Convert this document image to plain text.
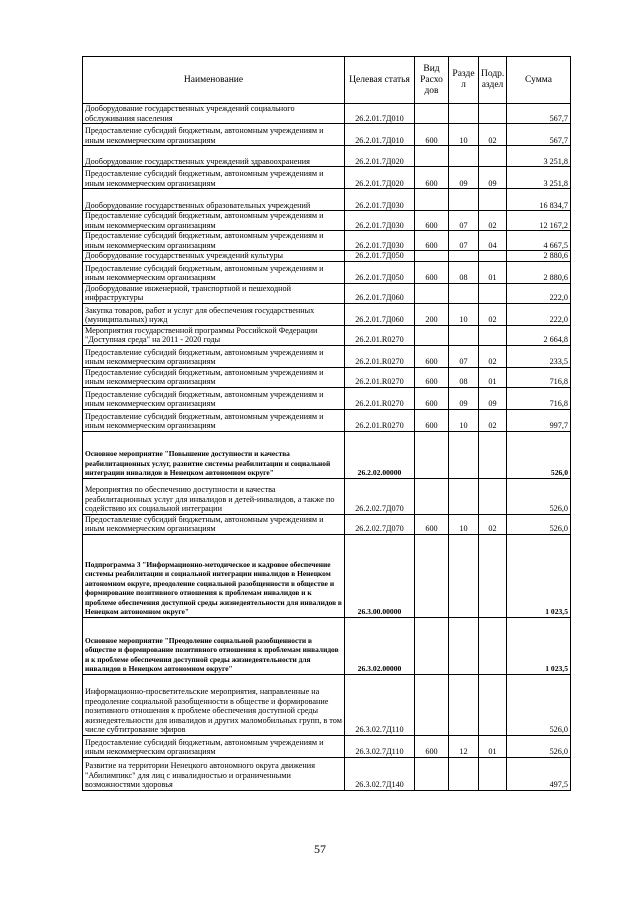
Наименование	Целевая статья	Вид Расхо дов	Разде л	Подр. аздел	Сумма
Дооборудование государственных учреждений социального обслуживания населения	26.2.01.7Д010				567,7
Предоставление субсидий бюджетным, автономным учреждениям и иным некоммерческим организациям	26.2.01.7Д010	600	10	02	567,7
Дооборудование государственных учреждений здравоохранения	26.2.01.7Д020				3 251,8
Предоставление субсидий бюджетным, автономным учреждениям и иным некоммерческим организациям	26.2.01.7Д020	600	09	09	3 251,8
Дооборудование государственных образовательных учреждений	26.2.01.7Д030				16 834,7
Предоставление субсидий бюджетным, автономным учреждениям и иным некоммерческим организациям	26.2.01.7Д030	600	07	02	12 167,2
Предоставление субсидий бюджетным, автономным учреждениям и иным некоммерческим организациям	26.2.01.7Д030	600	07	04	4 667,5
Дооборудование государственных учреждений культуры	26.2.01.7Д050				2 880,6
Предоставление субсидий бюджетным, автономным учреждениям и иным некоммерческим организациям	26.2.01.7Д050	600	08	01	2 880,6
Дооборудование инженерной, транспортной и пешеходной инфраструктуры	26.2.01.7Д060				222,0
Закупка товаров, работ и услуг для обеспечения государственных (муниципальных) нужд	26.2.01.7Д060	200	10	02	222,0
Мероприятия государственной программы Российской Федерации "Доступная среда" на 2011 - 2020 годы	26.2.01.R0270				2 664,8
Предоставление субсидий бюджетным, автономным учреждениям и иным некоммерческим организациям	26.2.01.R0270	600	07	02	233,5
Предоставление субсидий бюджетным, автономным учреждениям и иным некоммерческим организациям	26.2.01.R0270	600	08	01	716,8
Предоставление субсидий бюджетным, автономным учреждениям и иным некоммерческим организациям	26.2.01.R0270	600	09	09	716,8
Предоставление субсидий бюджетным, автономным учреждениям и иным некоммерческим организациям	26.2.01.R0270	600	10	02	997,7
Основное мероприятие "Повышение доступности и качества реабилитационных услуг, развитие системы реабилитации и социальной интеграции инвалидов в Ненецком автономном округе"	26.2.02.00000				526,0
Мероприятия по обеспечению доступности и качества реабилитационных услуг для инвалидов и детей-инвалидов, а также по содействию их социальной интеграции	26.2.02.7Д070				526,0
Предоставление субсидий бюджетным, автономным учреждениям и иным некоммерческим организациям	26.2.02.7Д070	600	10	02	526,0
Подпрограмма 3 "Информационно-методическое и кадровое обеспечение системы реабилитации и социальной интеграции инвалидов в Ненецком автономном округе, преодоление социальной разобщенности в обществе и формирование позитивного отношения к проблемам инвалидов и к проблеме обеспечения доступной среды жизнедеятельности для инвалидов в Ненецком автономном округе"	26.3.00.00000				1 023,5
Основное мероприятие "Преодоление социальной разобщенности в обществе и формирование позитивного отношения к проблемам инвалидов и к проблеме обеспечения доступной среды жизнедеятельности для инвалидов в Ненецком автономном округе"	26.3.02.00000				1 023,5
Информационно-просветительские мероприятия, направленные на преодоление социальной разобщенности в обществе и формирование позитивного отношения к проблеме обеспечения доступной среды жизнедеятельности для инвалидов и других маломобильных групп, в том числе субтитрование эфиров	26.3.02.7Д110				526,0
Предоставление субсидий бюджетным, автономным учреждениям и иным некоммерческим организациям	26.3.02.7Д110	600	12	01	526,0
Развитие на территории Ненецкого автономного округа движения "Абилимпикс" для лиц с инвалидностью и ограниченными возможностями здоровья	26.3.02.7Д140				497,5
57
